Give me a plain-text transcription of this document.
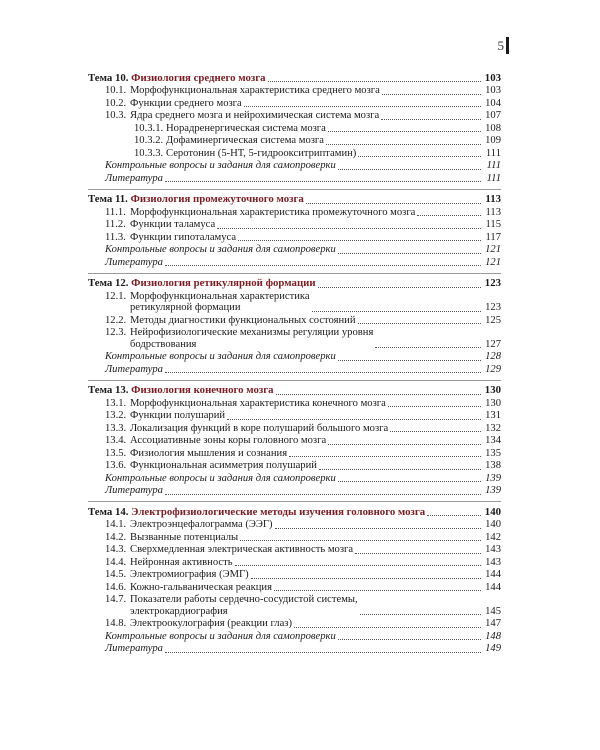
5
Тема 10. Физиология среднего мозга	103
10.1. Морфофункциональная характеристика среднего мозга	103
10.2. Функции среднего мозга	104
10.3. Ядра среднего мозга и нейрохимическая система мозга	107
10.3.1. Норадренергическая система мозга	108
10.3.2. Дофаминергическая система мозга	109
10.3.3. Серотонин (5-НТ, 5-гидроокситриптамин)	111
Контрольные вопросы и задания для самопроверки	111
Литература	111
Тема 11. Физиология промежуточного мозга	113
11.1. Морфофункциональная характеристика промежуточного мозга	113
11.2. Функции таламуса	115
11.3. Функции гипоталамуса	117
Контрольные вопросы и задания для самопроверки	121
Литература	121
Тема 12. Физиология ретикулярной формации	123
12.1. Морфофункциональная характеристика
ретикулярной формации	123
12.2. Методы диагностики функциональных состояний	125
12.3. Нейрофизиологические механизмы регуляции уровня
бодрствования	127
Контрольные вопросы и задания для самопроверки	128
Литература	129
Тема 13. Физиология конечного мозга	130
13.1. Морфофункциональная характеристика конечного мозга	130
13.2. Функции полушарий	131
13.3. Локализация функций в коре полушарий большого мозга	132
13.4. Ассоциативные зоны коры головного мозга	134
13.5. Физиология мышления и сознания	135
13.6. Функциональная асимметрия полушарий	138
Контрольные вопросы и задания для самопроверки	139
Литература	139
Тема 14. Электрофизиологические методы изучения головного мозга	140
14.1. Электроэнцефалограмма (ЭЭГ)	140
14.2. Вызванные потенциалы	142
14.3. Сверхмедленная электрическая активность мозга	143
14.4. Нейронная активность	143
14.5. Электромиография (ЭМГ)	144
14.6. Кожно-гальваническая реакция	144
14.7. Показатели работы сердечно-сосудистой системы,
электрокардиография	145
14.8. Электроокулография (реакции глаз)	147
Контрольные вопросы и задания для самопроверки	148
Литература	149
